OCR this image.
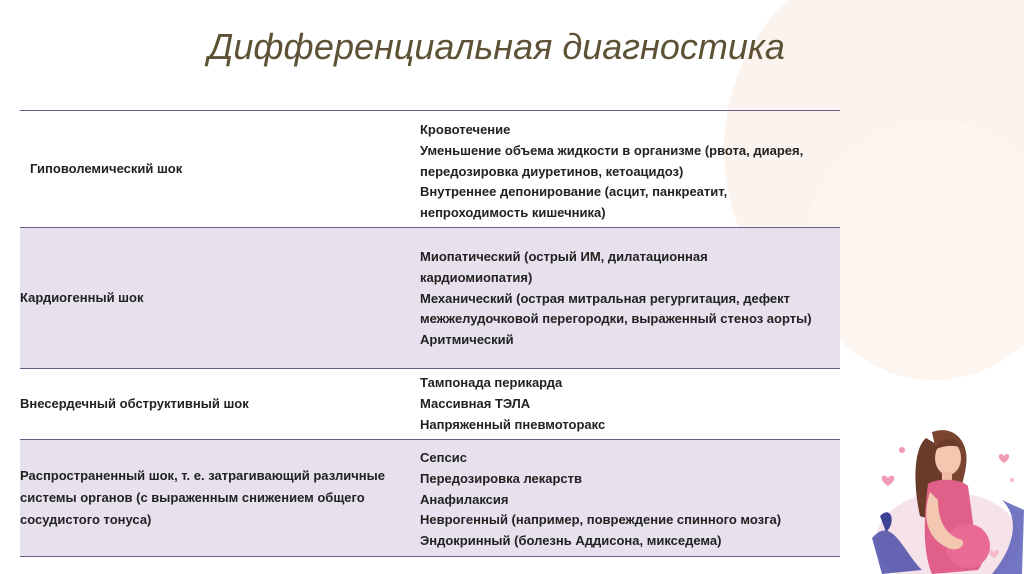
Дифференциальная диагностика
Гиповолемический шок
Кровотечение
Уменьшение объема жидкости в организме (рвота, диарея,
передозировка диуретинов, кетоацидоз)
Внутреннее депонирование (асцит, панкреатит,
непроходимость кишечника)
Кардиогенный шок
Миопатический (острый ИМ, дилатационная
кардиомиопатия)
Механический (острая митральная регургитация, дефект
межжелудочковой перегородки, выраженный стеноз аорты)
Аритмический
Внесердечный обструктивный шок
Тампонада перикарда
Массивная ТЭЛА
Напряженный пневмоторакс
Распространенный шок, т. е. затрагивающий различные
системы органов (с выраженным снижением общего
сосудистого тонуса)
Сепсис
Передозировка лекарств
Анафилаксия
Неврогенный (например, повреждение спинного мозга)
Эндокринный (болезнь Аддисона, микседема)
